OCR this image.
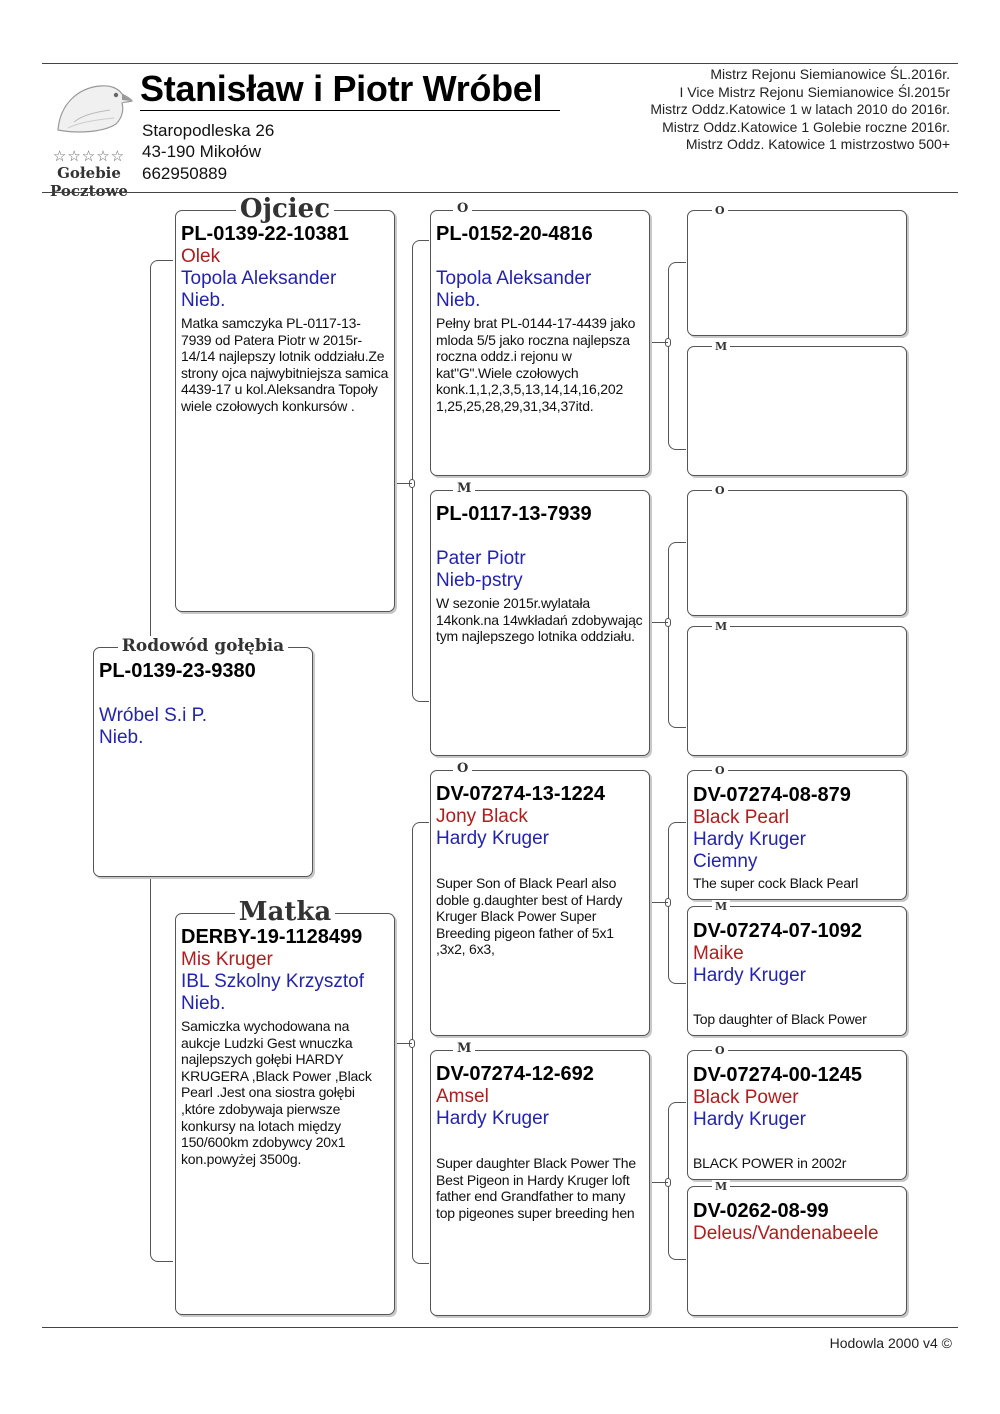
☆☆☆☆☆
Gołebie
Pocztowe
Stanisław i Piotr Wróbel
Staropodleska 26
43-190 Mikołów
662950889
Mistrz Rejonu Siemianowice ŚL.2016r.
I Vice Mistrz Rejonu Siemianowice Śl.2015r
Mistrz Oddz.Katowice 1 w latach 2010 do 2016r.
Mistrz Oddz.Katowice 1 Golebie roczne 2016r.
Mistrz Oddz. Katowice 1 mistrzostwo 500+
Rodowód gołębia
PL-0139-23-9380
Wróbel S.i P.
Nieb.
Ojciec
PL-0139-22-10381
Olek
Topola Aleksander
Nieb.
Matka samczyka PL-0117-13-7939 od Patera Piotr w 2015r- 14/14 najlepszy lotnik oddziału.Ze strony ojca najwybitniejsza samica 4439-17 u kol.Aleksandra Topoły wiele czołowych konkursów .
Matka
DERBY-19-1128499
Mis Kruger
IBL Szkolny Krzysztof
Nieb.
Samiczka wychodowana na aukcje Ludzki Gest wnuczka najlepszych gołębi HARDY KRUGERA ,Black Power ,Black Pearl .Jest ona siostra gołębi ,które zdobywaja pierwsze konkursy na lotach między 150/600km zdobywcy 20x1 kon.powyżej 3500g.
O
PL-0152-20-4816
Topola Aleksander
Nieb.
Pełny brat PL-0144-17-4439 jako mloda 5/5 jako roczna najlepsza roczna oddz.i rejonu w kat"G".Wiele czołowych konk.1,1,2,3,5,13,14,14,16,202 1,25,25,28,29,31,34,37itd.
M
PL-0117-13-7939
Pater Piotr
Nieb-pstry
W sezonie 2015r.wylatała 14konk.na 14wkładań zdobywając tym najlepszego lotnika oddziału.
O
DV-07274-13-1224
Jony Black
Hardy Kruger
Super Son of Black Pearl also doble g.daughter best of Hardy Kruger Black Power Super Breeding pigeon father of 5x1 ,3x2, 6x3,
M
DV-07274-12-692
Amsel
Hardy Kruger
Super daughter Black Power The Best Pigeon in Hardy Kruger loft father end Grandfather to many top pigeones super breeding hen
O
M
O
M
O
DV-07274-08-879
Black Pearl
Hardy Kruger
Ciemny
The super cock Black Pearl
M
DV-07274-07-1092
Maike
Hardy Kruger
Top daughter of Black Power
O
DV-07274-00-1245
Black Power
Hardy Kruger
BLACK POWER in 2002r
M
DV-0262-08-99
Deleus/Vandenabeele
Hodowla 2000 v4 ©
